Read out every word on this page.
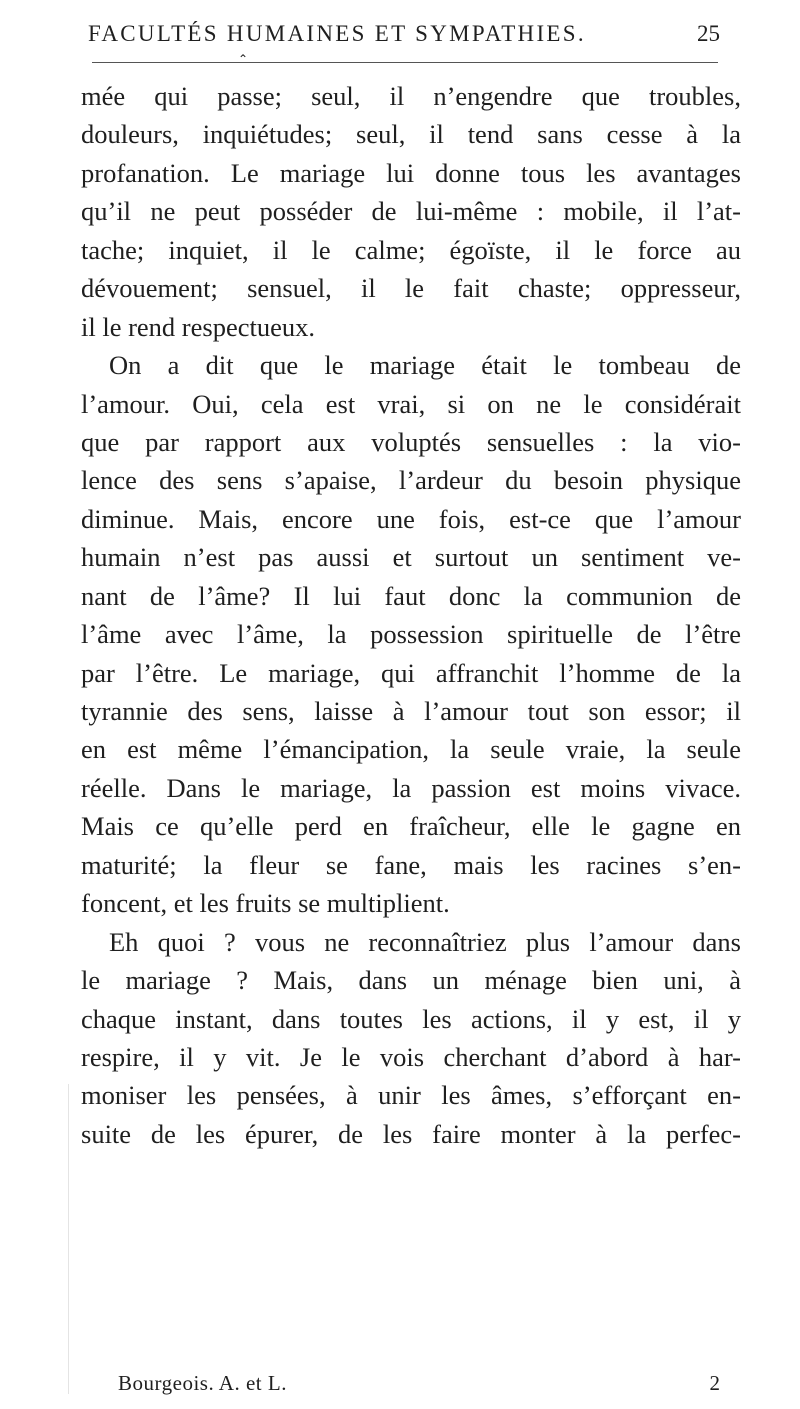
FACULTÉS HUMAINES ET SYMPATHIES.	25
⌃
mée qui passe; seul, il n’engendre que troubles,
douleurs, inquiétudes; seul, il tend sans cesse à la
profanation. Le mariage lui donne tous les avantages
qu’il ne peut posséder de lui-même : mobile, il l’at-
tache; inquiet, il le calme; égoïste, il le force au
dévouement; sensuel, il le fait chaste; oppresseur,
il le rend respectueux.
On a dit que le mariage était le tombeau de
l’amour. Oui, cela est vrai, si on ne le considérait
que par rapport aux voluptés sensuelles : la vio-
lence des sens s’apaise, l’ardeur du besoin physique
diminue. Mais, encore une fois, est-ce que l’amour
humain n’est pas aussi et surtout un sentiment ve-
nant de l’âme? Il lui faut donc la communion de
l’âme avec l’âme, la possession spirituelle de l’être
par l’être. Le mariage, qui affranchit l’homme de la
tyrannie des sens, laisse à l’amour tout son essor; il
en est même l’émancipation, la seule vraie, la seule
réelle. Dans le mariage, la passion est moins vivace.
Mais ce qu’elle perd en fraîcheur, elle le gagne en
maturité; la fleur se fane, mais les racines s’en-
foncent, et les fruits se multiplient.
Eh quoi ? vous ne reconnaîtriez plus l’amour dans
le mariage ? Mais, dans un ménage bien uni, à
chaque instant, dans toutes les actions, il y est, il y
respire, il y vit. Je le vois cherchant d’abord à har-
moniser les pensées, à unir les âmes, s’efforçant en-
suite de les épurer, de les faire monter à la perfec-
Bourgeois. A. et L.	2
